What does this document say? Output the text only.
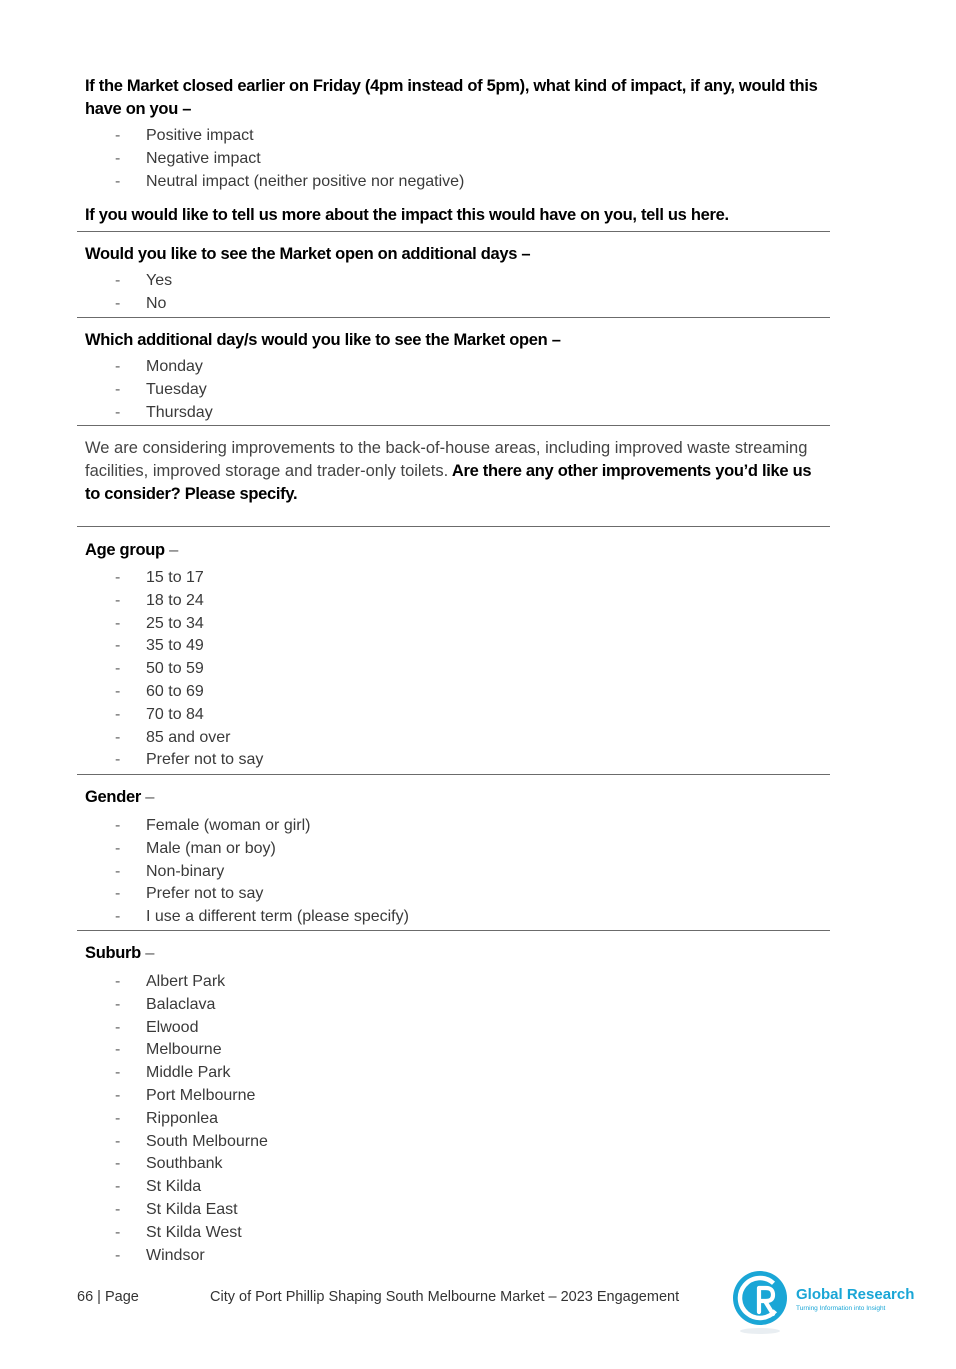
If the Market closed earlier on Friday (4pm instead of 5pm), what kind of impact, if any, would this have on you –
- Positive impact
- Negative impact
- Neutral impact (neither positive nor negative)
If you would like to tell us more about the impact this would have on you, tell us here.
Would you like to see the Market open on additional days –
- Yes
- No
Which additional day/s would you like to see the Market open –
- Monday
- Tuesday
- Thursday
We are considering improvements to the back-of-house areas, including improved waste streaming facilities, improved storage and trader-only toilets. Are there any other improvements you’d like us to consider? Please specify.
Age group –
- 15 to 17
- 18 to 24
- 25 to 34
- 35 to 49
- 50 to 59
- 60 to 69
- 70 to 84
- 85 and over
- Prefer not to say
Gender –
- Female (woman or girl)
- Male (man or boy)
- Non-binary
- Prefer not to say
- I use a different term (please specify)
Suburb –
- Albert Park
- Balaclava
- Elwood
- Melbourne
- Middle Park
- Port Melbourne
- Ripponlea
- South Melbourne
- Southbank
- St Kilda
- St Kilda East
- St Kilda West
- Windsor
66 | Page	City of Port Phillip Shaping South Melbourne Market – 2023 Engagement	Global Research
Turning Information into Insight
